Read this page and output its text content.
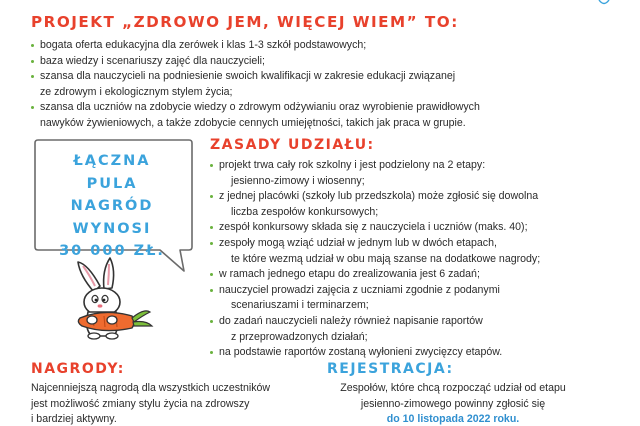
PROJEKT „ZDROWO JEM, WIĘCEJ WIEM” TO:
bogata oferta edukacyjna dla zerówek i klas 1-3 szkół podstawowych;
baza wiedzy i scenariuszy zajęć dla nauczycieli;
szansa dla nauczycieli na podniesienie swoich kwalifikacji w zakresie edukacji związanej
ze zdrowym i ekologicznym stylem życia;
szansa dla uczniów na zdobycie wiedzy o zdrowym odżywianiu oraz wyrobienie prawidłowych
nawyków żywieniowych, a także zdobycie cennych umiejętności, takich jak praca w grupie.
ŁĄCZNA
PULA
NAGRÓD
WYNOSI
30 000 ZŁ.
ZASADY UDZIAŁU:
projekt trwa cały rok szkolny i jest podzielony na 2 etapy:
jesienno-zimowy i wiosenny;
z jednej placówki (szkoły lub przedszkola) może zgłosić się dowolna
liczba zespołów konkursowych;
zespół konkursowy składa się z nauczyciela i uczniów (maks. 40);
zespoły mogą wziąć udział w jednym lub w dwóch etapach,
te które wezmą udział w obu mają szanse na dodatkowe nagrody;
w ramach jednego etapu do zrealizowania jest 6 zadań;
nauczyciel prowadzi zajęcia z uczniami zgodnie z podanymi
scenariuszami i terminarzem;
do zadań nauczycieli należy również napisanie raportów
z przeprowadzonych działań;
na podstawie raportów zostaną wyłonieni zwycięzcy etapów.
NAGRODY:
Najcenniejszą nagrodą dla wszystkich uczestników
jest możliwość zmiany stylu życia na zdrowszy
i bardziej aktywny.
REJESTRACJA:
Zespołów, które chcą rozpocząć udział od etapu
jesienno-zimowego powinny zgłosić się
do 10 listopada 2022 roku.
